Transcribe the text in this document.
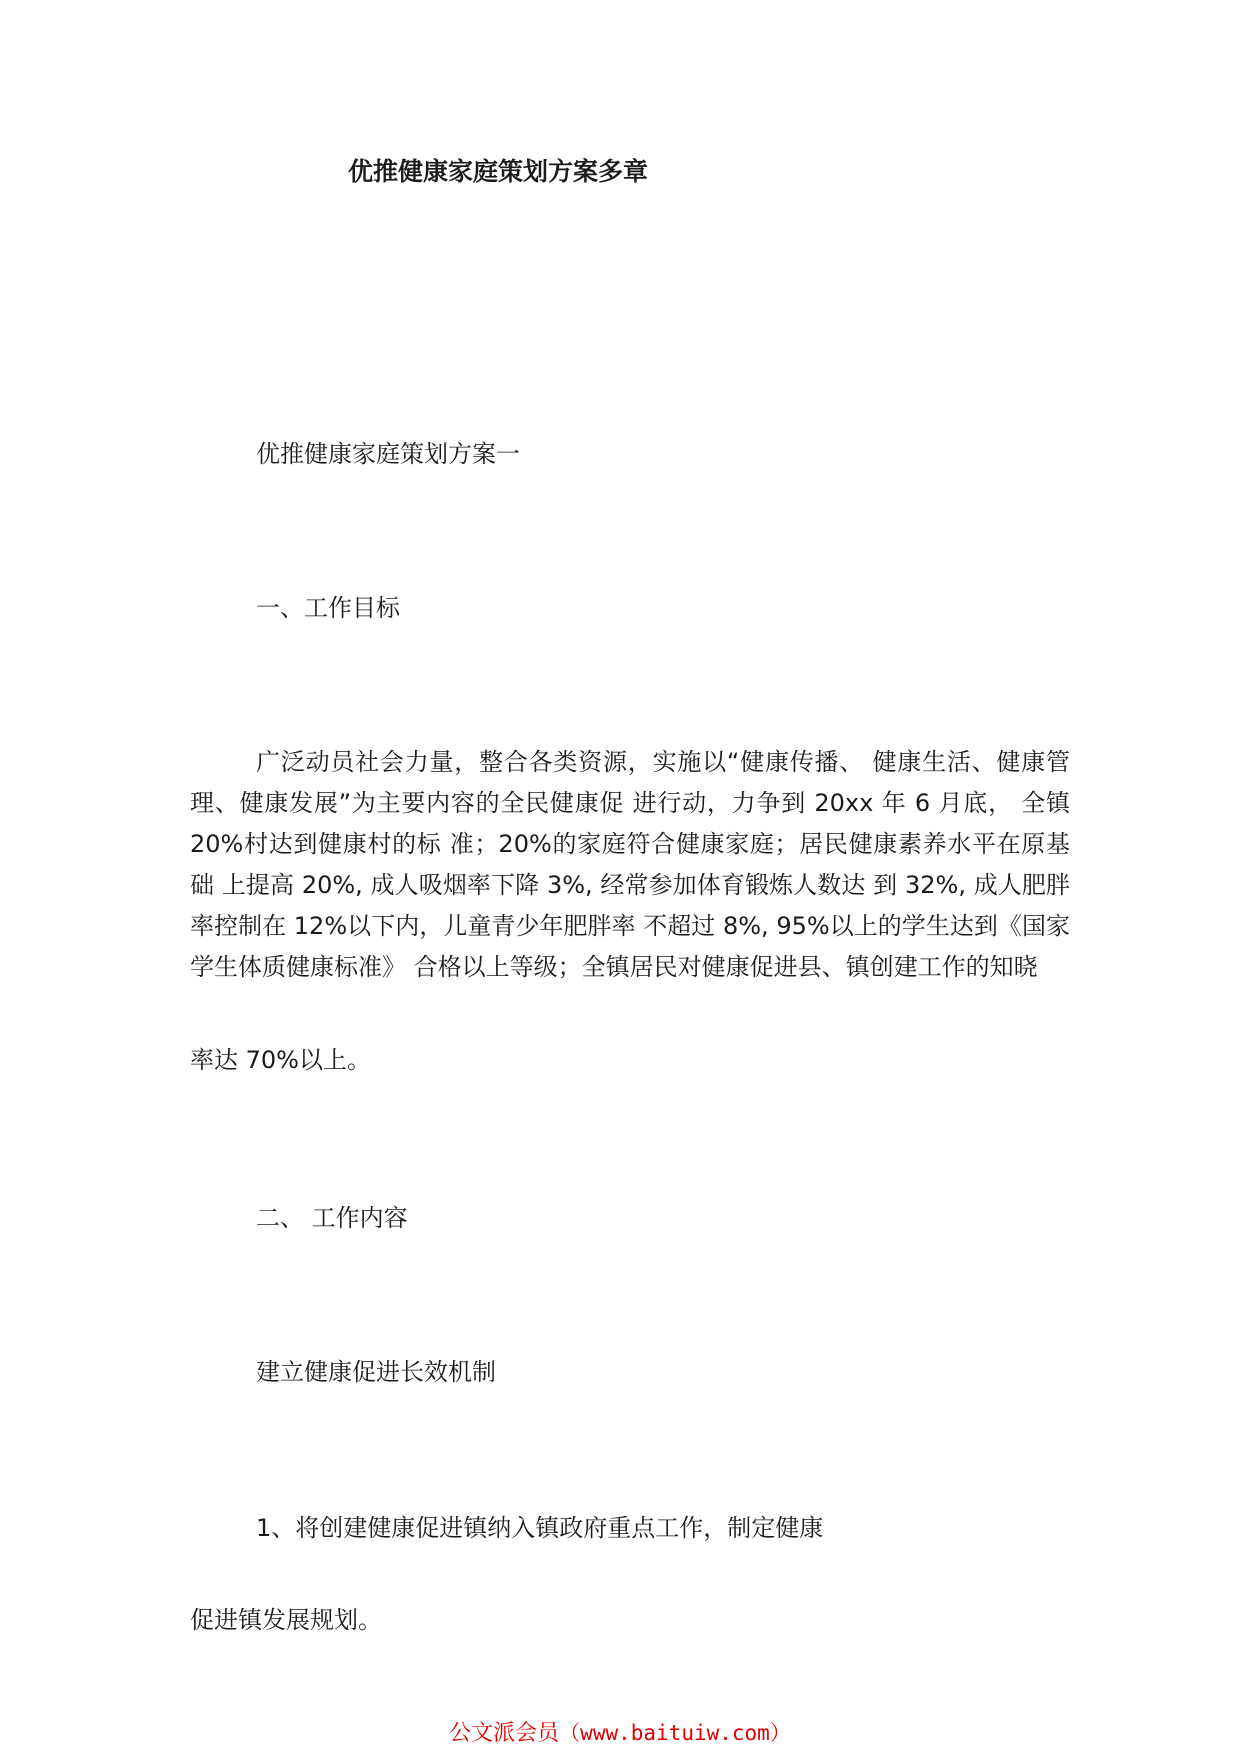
优推健康家庭策划方案多章
优推健康家庭策划方案一
一、工作目标
广泛动员社会力量，整合各类资源，实施以“健康传播、 健康生活、健康管理、健康发展”为主要内容的全民健康促 进行动，力争到 20xx 年 6 月底， 全镇 20%村达到健康村的标 准；20%的家庭符合健康家庭；居民健康素养水平在原基础 上提高 20%, 成人吸烟率下降 3%, 经常参加体育锻炼人数达 到 32%, 成人肥胖率控制在 12%以下内，儿童青少年肥胖率 不超过 8%, 95%以上的学生达到《国家学生体质健康标准》 合格以上等级；全镇居民对健康促进县、镇创建工作的知晓
率达 70%以上。
二、 工作内容
建立健康促进长效机制
1、将创建健康促进镇纳入镇政府重点工作，制定健康
促进镇发展规划。
公文派会员（www.baituiw.com）
